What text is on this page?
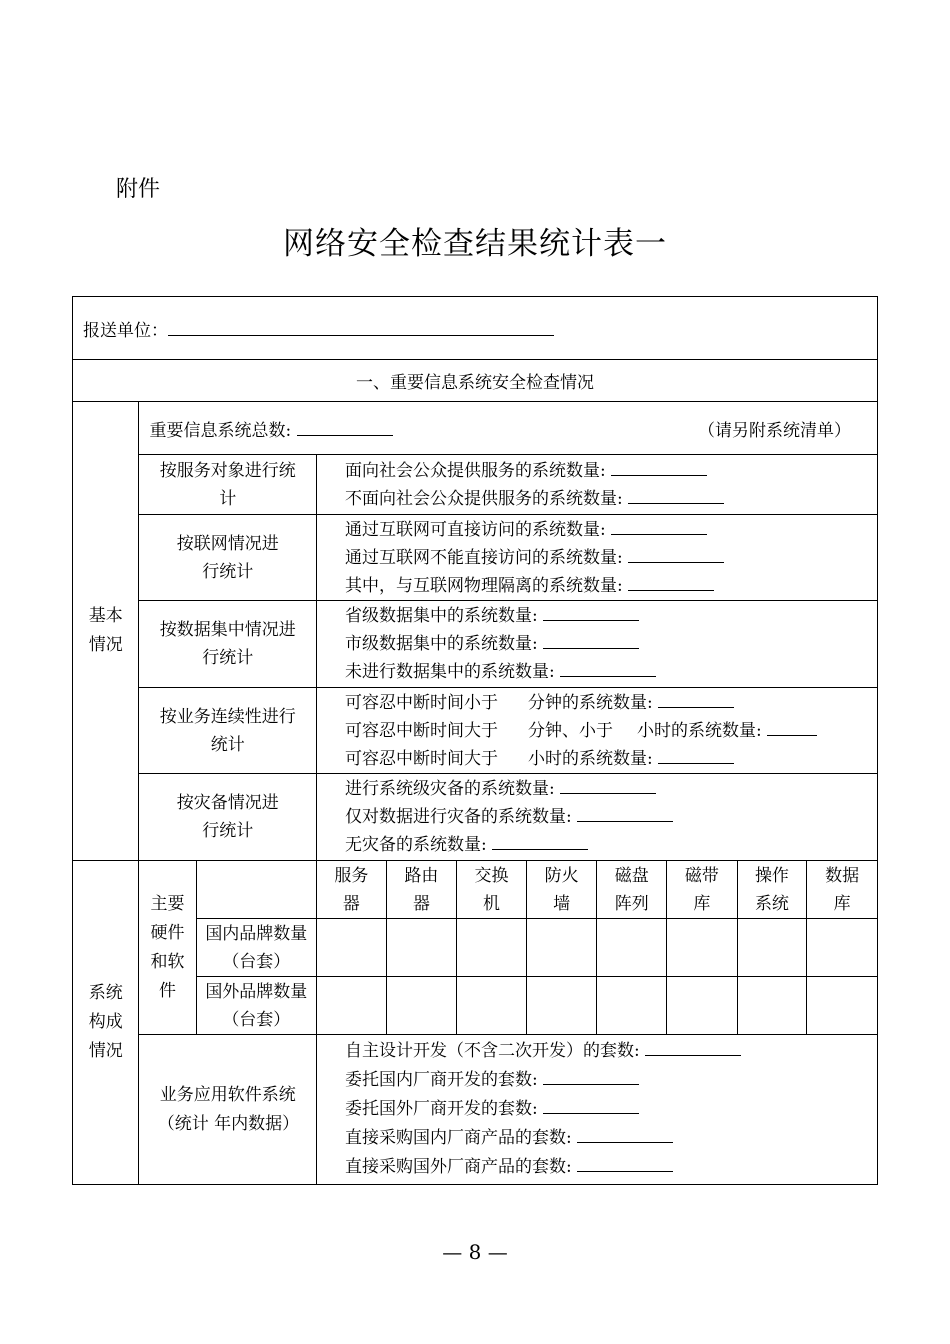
附件
网络安全检查结果统计表一
报送单位：										
一、重要信息系统安全检查情况										

基本情况	重要信息系统总数: （请另附系统清单）									

	按服务对象进行统计		面向社会公众提供服务的系统数量:
不面向社会公众提供服务的系统数量:							

	按联网情况进行统计		通过互联网可直接访问的系统数量:
通过互联网不能直接访问的系统数量:
其中，与互联网物理隔离的系统数量:							

	按数据集中情况进行统计		省级数据集中的系统数量:
市级数据集中的系统数量:
未进行数据集中的系统数量:							

	按业务连续性进行统计		可容忍中断时间小于 分钟的系统数量:
可容忍中断时间大于 分钟、小于 小时的系统数量:
可容忍中断时间大于 小时的系统数量:							

	按灾备情况进行统计		进行系统级灾备的系统数量:
仅对数据进行灾备的系统数量:
无灾备的系统数量:							

系统构成情况	主要硬件和软件		服务器	路由器	交换机	防火墙	磁盘阵列	磁带库	操作系统	数据库

		国内品牌数量（台套）								

		国外品牌数量（台套）								

	业务应用软件系统（统计 年内数据）		自主设计开发（不含二次开发）的套数:
委托国内厂商开发的套数:
委托国外厂商开发的套数:
直接采购国内厂商产品的套数:
直接采购国外厂商产品的套数:							
— 8 —
